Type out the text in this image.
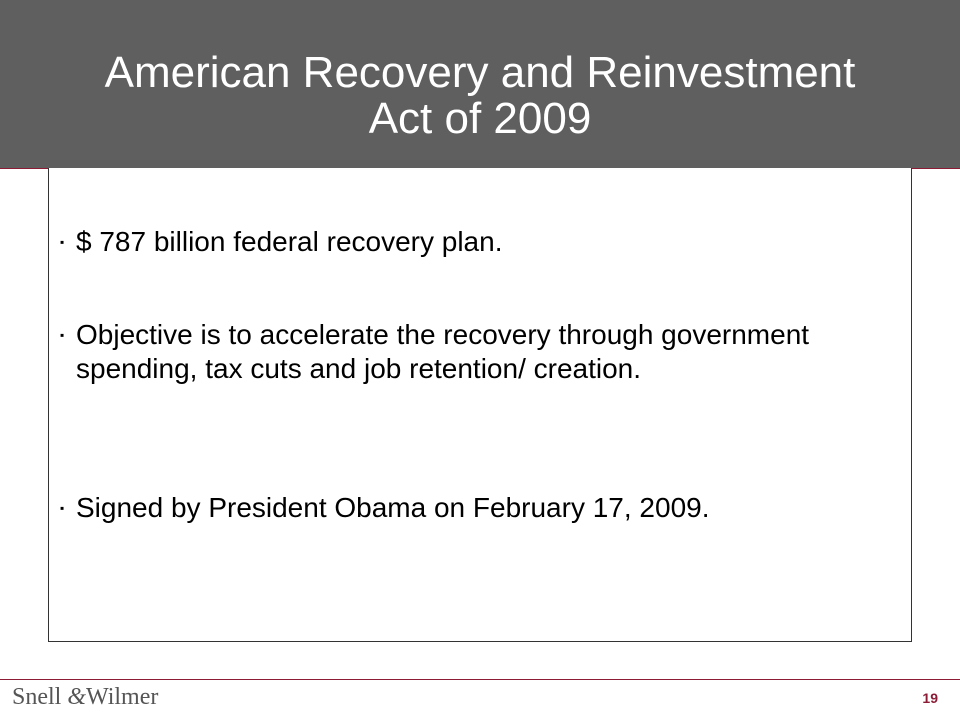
American Recovery and Reinvestment
Act of 2009
▪ $ 787 billion federal recovery plan.
▪ Objective is to accelerate the recovery through government spending, tax cuts and job retention/ creation.
▪ Signed by President Obama on February 17, 2009.
Snell &Wilmer	19
